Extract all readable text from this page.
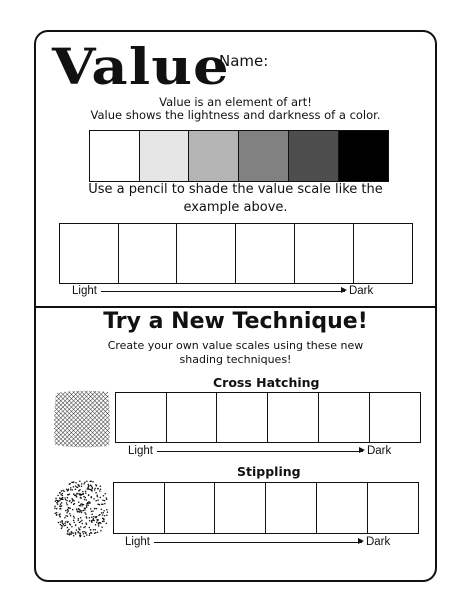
Value
Name:
Value is an element of art!
Value shows the lightness and darkness of a color.
Use a pencil to shade the value scale like the
example above.
Light	Dark
Try a New Technique!
Create your own value scales using these new
shading techniques!
Cross Hatching
Light	Dark
Stippling
Light	Dark
